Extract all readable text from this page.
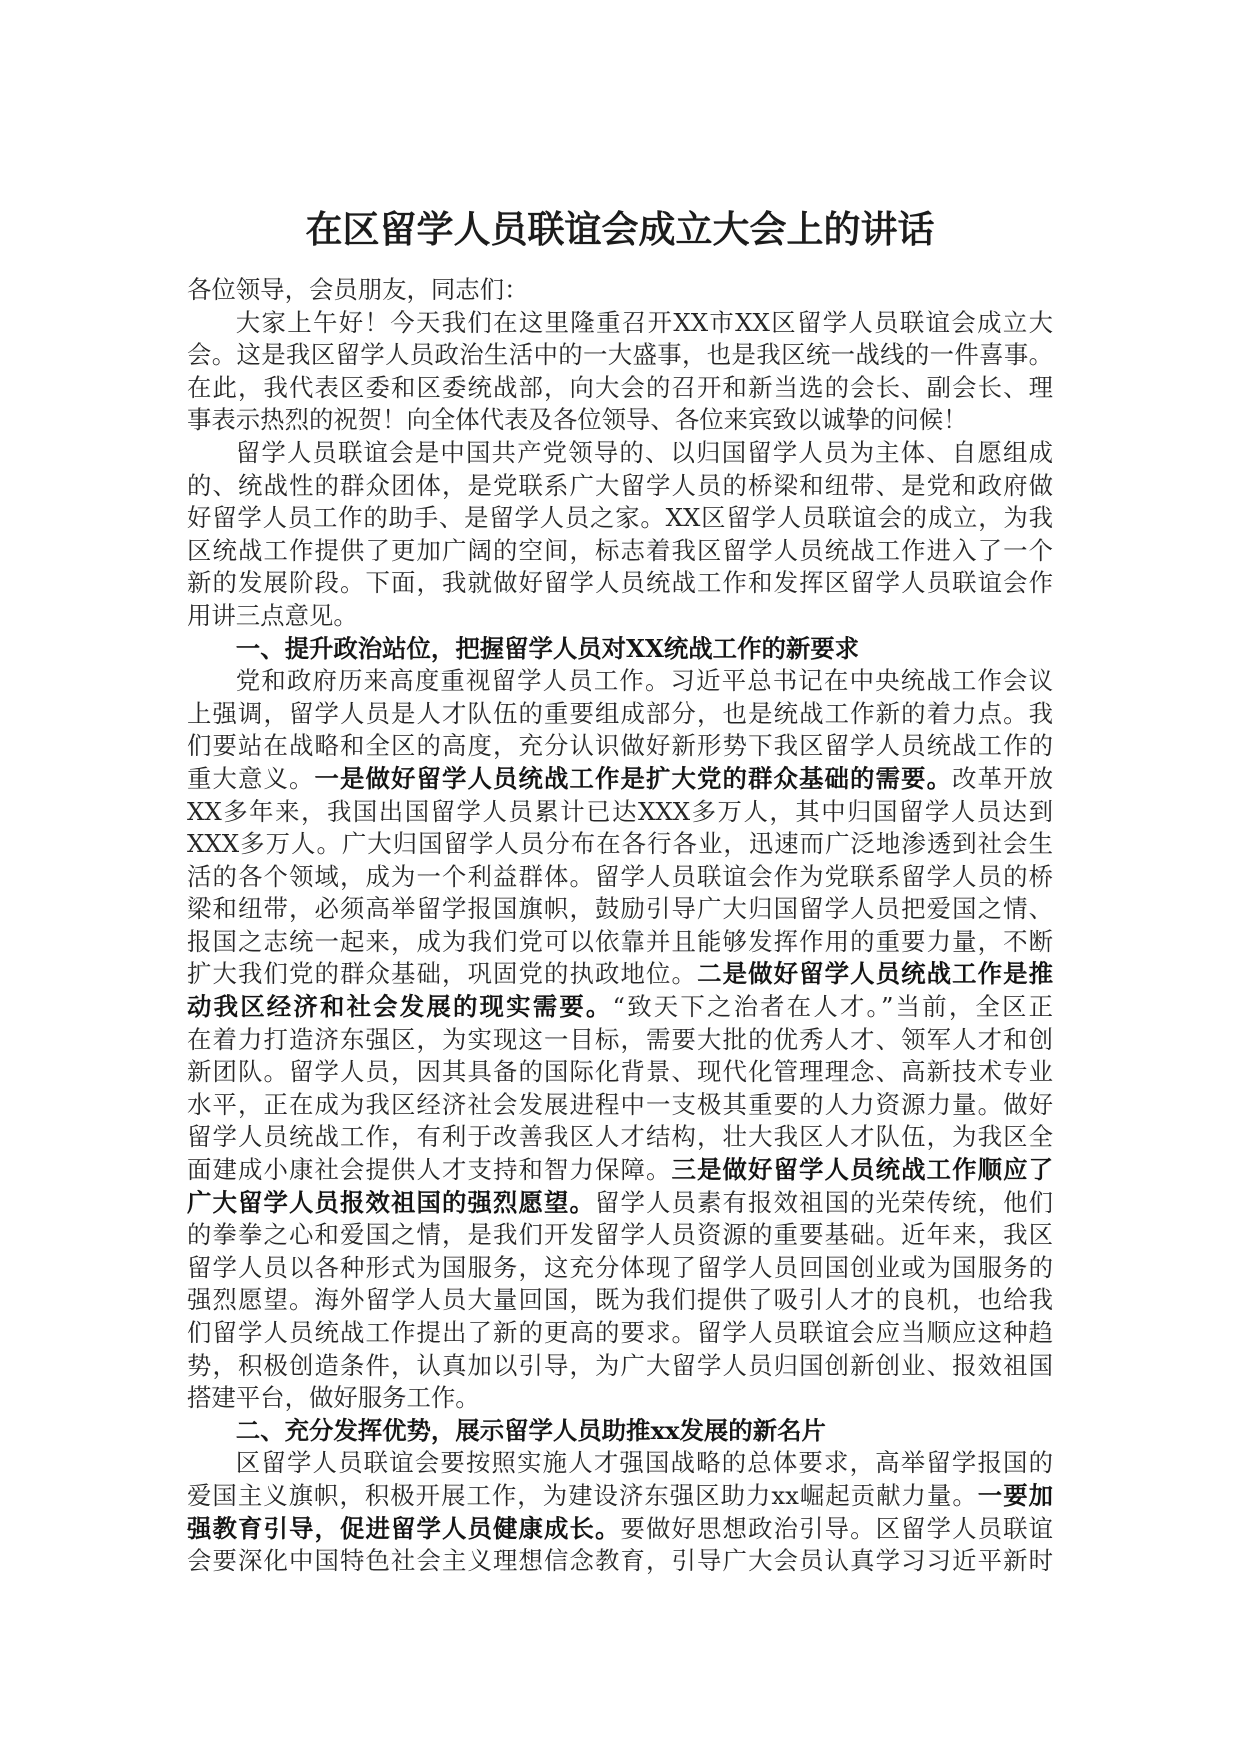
在区留学人员联谊会成立大会上的讲话
各位领导，会员朋友，同志们：
大家上午好！今天我们在这里隆重召开XX市XX区留学人员联谊会成立大
会。这是我区留学人员政治生活中的一大盛事，也是我区统一战线的一件喜事。
在此，我代表区委和区委统战部，向大会的召开和新当选的会长、副会长、理
事表示热烈的祝贺！向全体代表及各位领导、各位来宾致以诚挚的问候！
留学人员联谊会是中国共产党领导的、以归国留学人员为主体、自愿组成
的、统战性的群众团体，是党联系广大留学人员的桥梁和纽带、是党和政府做
好留学人员工作的助手、是留学人员之家。XX区留学人员联谊会的成立，为我
区统战工作提供了更加广阔的空间，标志着我区留学人员统战工作进入了一个
新的发展阶段。下面，我就做好留学人员统战工作和发挥区留学人员联谊会作
用讲三点意见。
一、提升政治站位，把握留学人员对XX统战工作的新要求
党和政府历来高度重视留学人员工作。习近平总书记在中央统战工作会议
上强调，留学人员是人才队伍的重要组成部分，也是统战工作新的着力点。我
们要站在战略和全区的高度，充分认识做好新形势下我区留学人员统战工作的
重大意义。一是做好留学人员统战工作是扩大党的群众基础的需要。改革开放
XX多年来，我国出国留学人员累计已达XXX多万人，其中归国留学人员达到
XXX多万人。广大归国留学人员分布在各行各业，迅速而广泛地渗透到社会生
活的各个领域，成为一个利益群体。留学人员联谊会作为党联系留学人员的桥
梁和纽带，必须高举留学报国旗帜，鼓励引导广大归国留学人员把爱国之情、
报国之志统一起来，成为我们党可以依靠并且能够发挥作用的重要力量，不断
扩大我们党的群众基础，巩固党的执政地位。二是做好留学人员统战工作是推
动我区经济和社会发展的现实需要。“致天下之治者在人才。”当前，全区正
在着力打造济东强区，为实现这一目标，需要大批的优秀人才、领军人才和创
新团队。留学人员，因其具备的国际化背景、现代化管理理念、高新技术专业
水平，正在成为我区经济社会发展进程中一支极其重要的人力资源力量。做好
留学人员统战工作，有利于改善我区人才结构，壮大我区人才队伍，为我区全
面建成小康社会提供人才支持和智力保障。三是做好留学人员统战工作顺应了
广大留学人员报效祖国的强烈愿望。留学人员素有报效祖国的光荣传统，他们
的拳拳之心和爱国之情，是我们开发留学人员资源的重要基础。近年来，我区
留学人员以各种形式为国服务，这充分体现了留学人员回国创业或为国服务的
强烈愿望。海外留学人员大量回国，既为我们提供了吸引人才的良机，也给我
们留学人员统战工作提出了新的更高的要求。留学人员联谊会应当顺应这种趋
势，积极创造条件，认真加以引导，为广大留学人员归国创新创业、报效祖国
搭建平台，做好服务工作。
二、充分发挥优势，展示留学人员助推xx发展的新名片
区留学人员联谊会要按照实施人才强国战略的总体要求，高举留学报国的
爱国主义旗帜，积极开展工作，为建设济东强区助力xx崛起贡献力量。一要加
强教育引导，促进留学人员健康成长。要做好思想政治引导。区留学人员联谊
会要深化中国特色社会主义理想信念教育，引导广大会员认真学习习近平新时
